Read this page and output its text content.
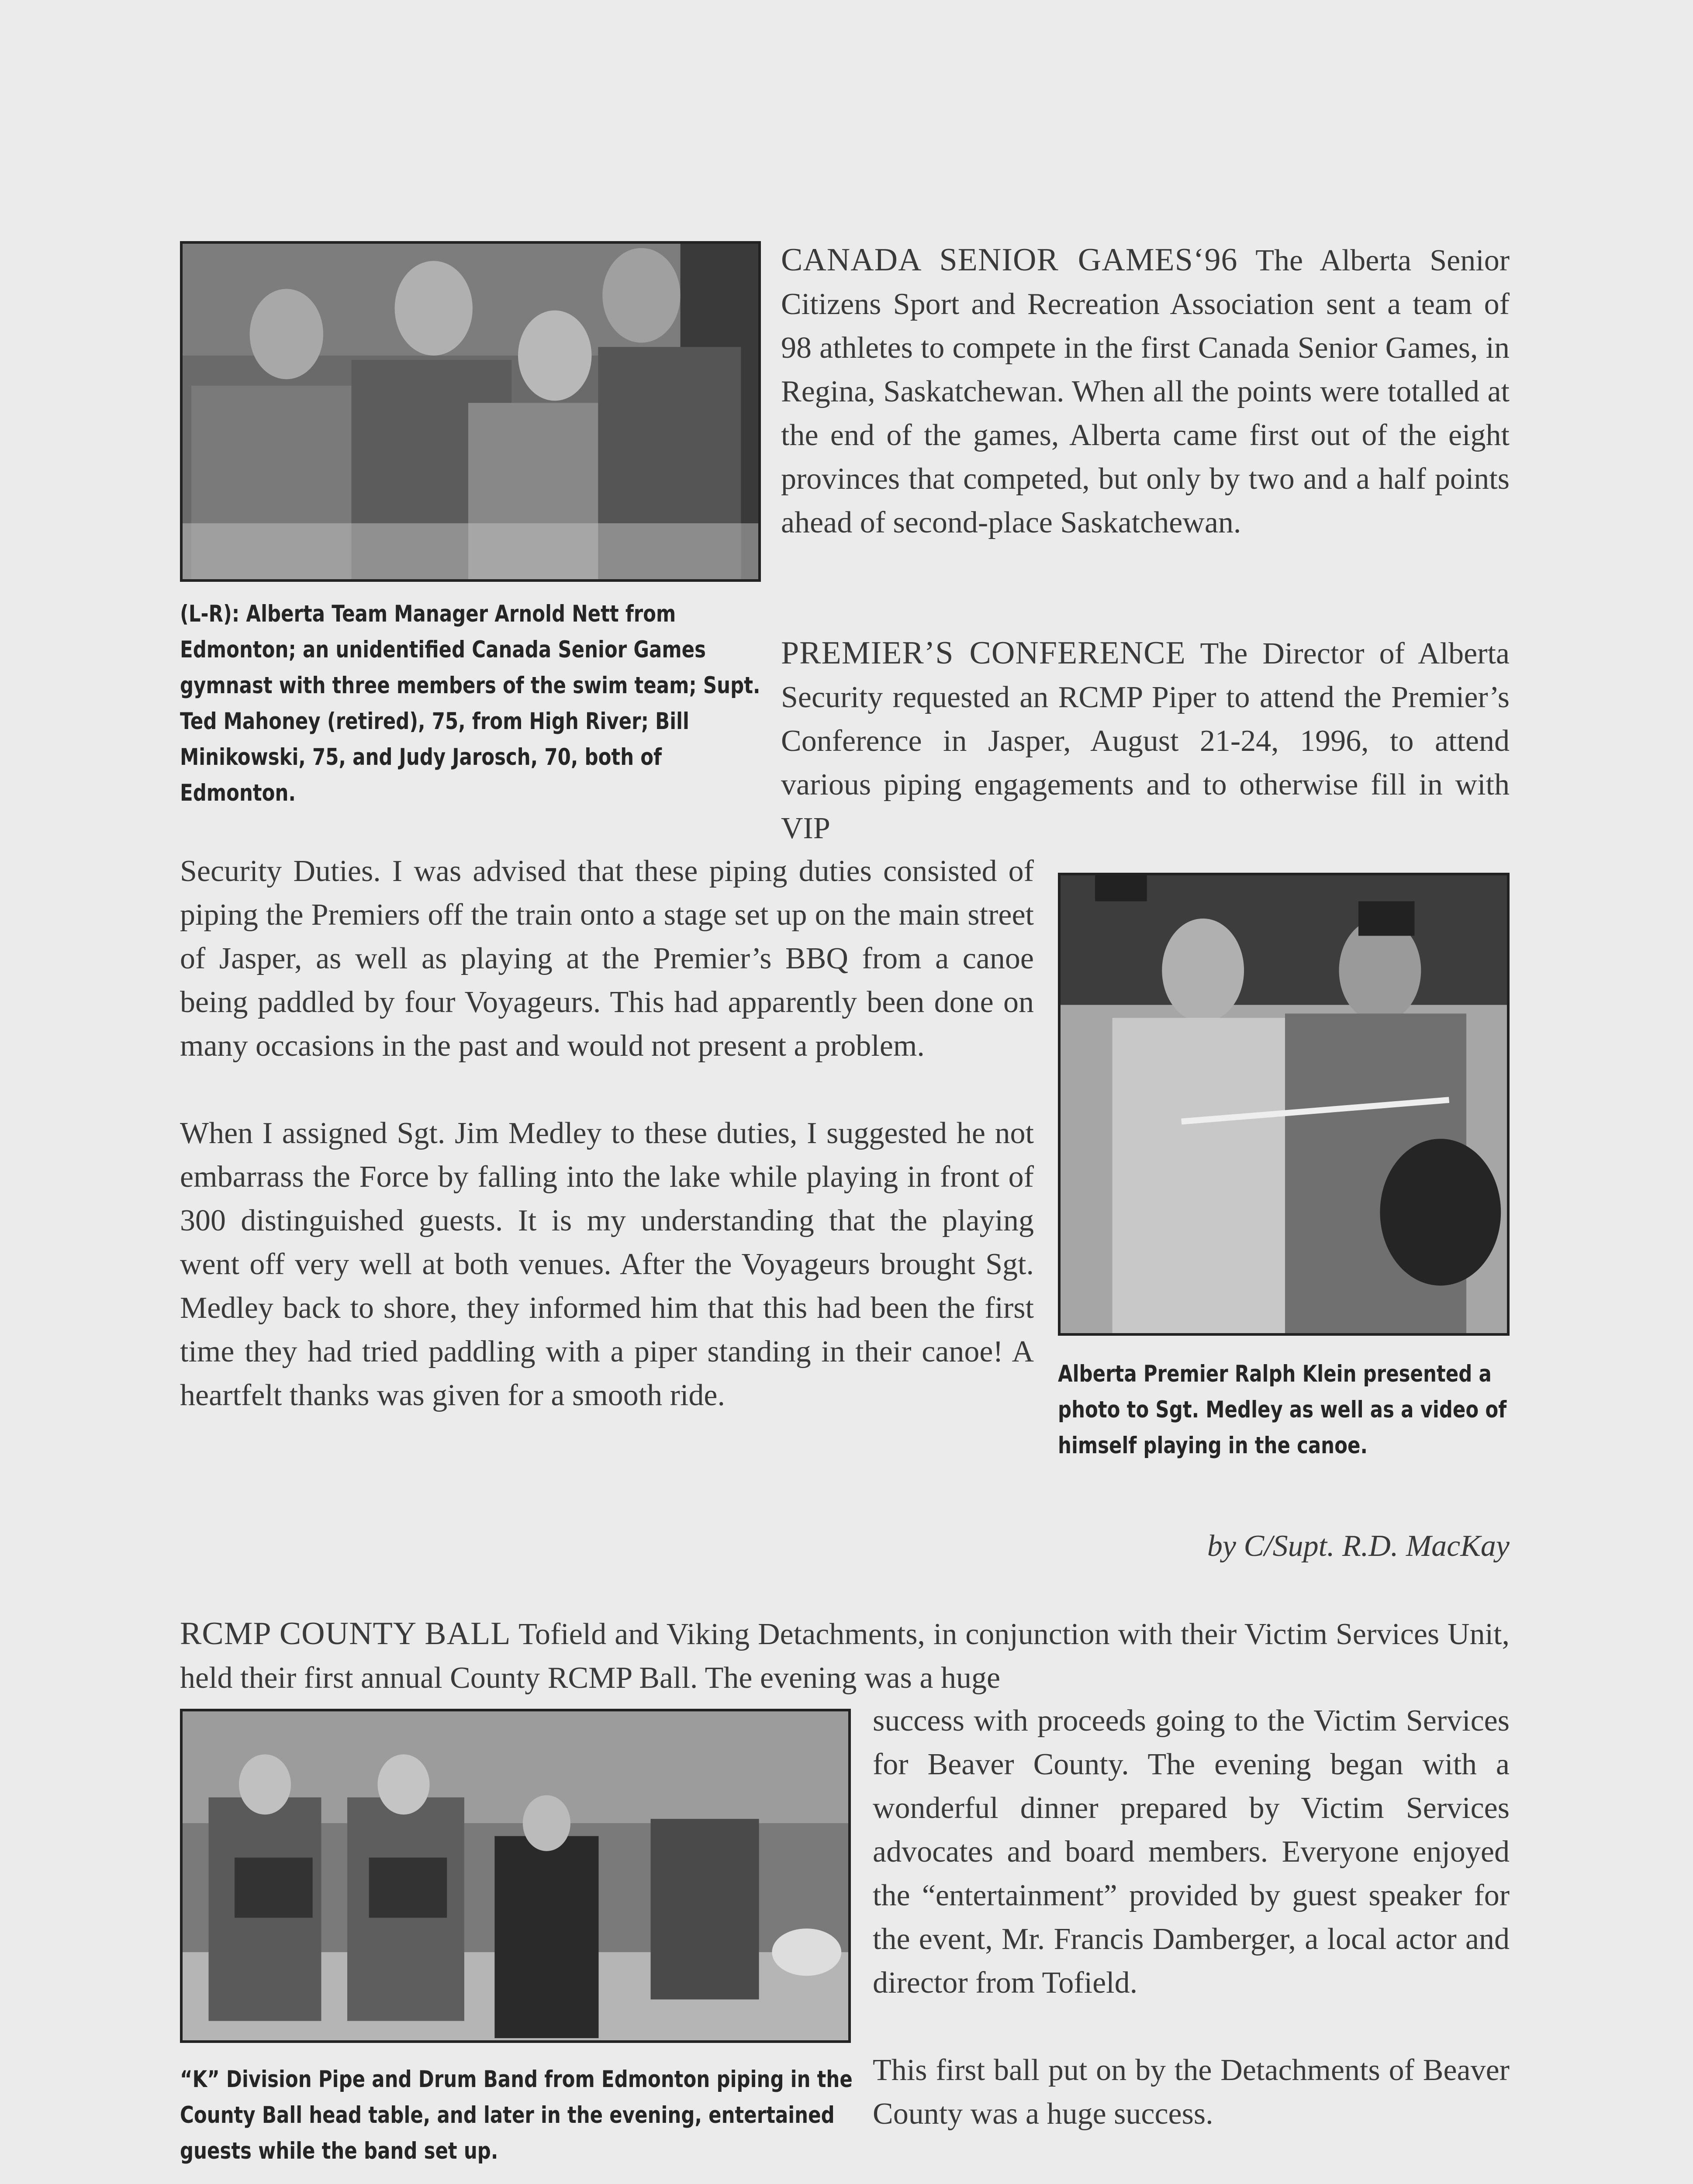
(L-R): Alberta Team Manager Arnold Nett from Edmonton; an unidentified Canada Senior Games gymnast with three members of the swim team; Supt. Ted Mahoney (retired), 75, from High River; Bill Minikowski, 75, and Judy Jarosch, 70, both of Edmonton.

CANADA SENIOR GAMES‘96 The Alberta Senior Citizens Sport and Recreation Association sent a team of 98 athletes to compete in the first Canada Senior Games, in Regina, Saskatchewan. When all the points were totalled at the end of the games, Alberta came first out of the eight provinces that competed, but only by two and a half points ahead of second-place Saskatchewan.

PREMIER’S CONFERENCE The Director of Alberta Security requested an RCMP Piper to attend the Premier’s Conference in Jasper, August 21-24, 1996, to attend various piping engagements and to otherwise fill in with VIP

Security Duties. I was advised that these piping duties consisted of piping the Premiers off the train onto a stage set up on the main street of Jasper, as well as playing at the Premier’s BBQ from a canoe being paddled by four Voyageurs. This had apparently been done on many occasions in the past and would not present a problem.

When I assigned Sgt. Jim Medley to these duties, I suggested he not embarrass the Force by falling into the lake while playing in front of 300 distinguished guests. It is my understanding that the playing went off very well at both venues. After the Voyageurs brought Sgt. Medley back to shore, they informed him that this had been the first time they had tried paddling with a piper standing in their canoe! A heartfelt thanks was given for a smooth ride.

Alberta Premier Ralph Klein presented a photo to Sgt. Medley as well as a video of himself playing in the canoe.

by C/Supt. R.D. MacKay

RCMP COUNTY BALL Tofield and Viking Detachments, in conjunction with their Victim Services Unit, held their first annual County RCMP Ball. The evening was a huge

“K” Division Pipe and Drum Band from Edmonton piping in the County Ball head table, and later in the evening, entertained guests while the band set up.

success with proceeds going to the Victim Services for Beaver County. The evening began with a wonderful dinner prepared by Victim Services advocates and board members. Everyone enjoyed the “entertainment” provided by guest speaker for the event, Mr. Francis Damberger, a local actor and director from Tofield.

This first ball put on by the Detachments of Beaver County was a huge success.
